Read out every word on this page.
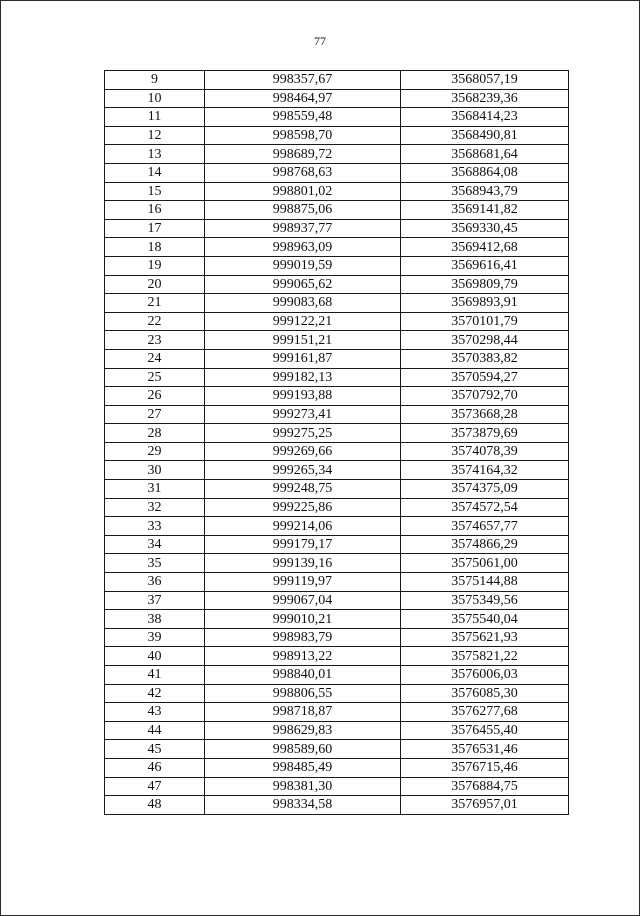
77
9	998357,67	3568057,19
10	998464,97	3568239,36
11	998559,48	3568414,23
12	998598,70	3568490,81
13	998689,72	3568681,64
14	998768,63	3568864,08
15	998801,02	3568943,79
16	998875,06	3569141,82
17	998937,77	3569330,45
18	998963,09	3569412,68
19	999019,59	3569616,41
20	999065,62	3569809,79
21	999083,68	3569893,91
22	999122,21	3570101,79
23	999151,21	3570298,44
24	999161,87	3570383,82
25	999182,13	3570594,27
26	999193,88	3570792,70
27	999273,41	3573668,28
28	999275,25	3573879,69
29	999269,66	3574078,39
30	999265,34	3574164,32
31	999248,75	3574375,09
32	999225,86	3574572,54
33	999214,06	3574657,77
34	999179,17	3574866,29
35	999139,16	3575061,00
36	999119,97	3575144,88
37	999067,04	3575349,56
38	999010,21	3575540,04
39	998983,79	3575621,93
40	998913,22	3575821,22
41	998840,01	3576006,03
42	998806,55	3576085,30
43	998718,87	3576277,68
44	998629,83	3576455,40
45	998589,60	3576531,46
46	998485,49	3576715,46
47	998381,30	3576884,75
48	998334,58	3576957,01
